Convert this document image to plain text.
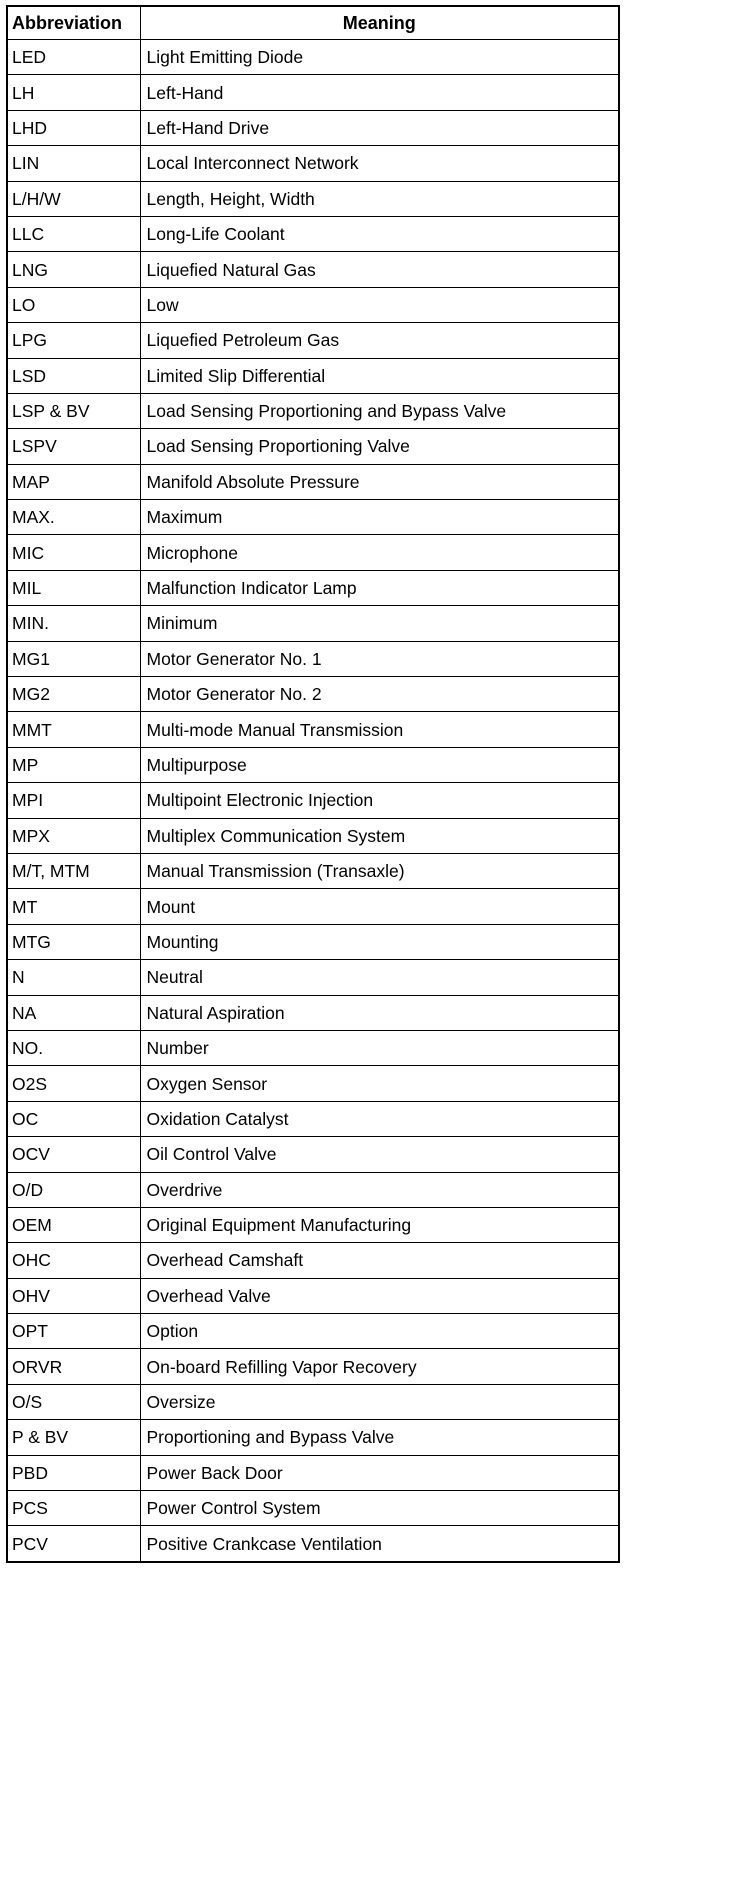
Abbreviation	Meaning
LED	Light Emitting Diode
LH	Left-Hand
LHD	Left-Hand Drive
LIN	Local Interconnect Network
L/H/W	Length, Height, Width
LLC	Long-Life Coolant
LNG	Liquefied Natural Gas
LO	Low
LPG	Liquefied Petroleum Gas
LSD	Limited Slip Differential
LSP & BV	Load Sensing Proportioning and Bypass Valve
LSPV	Load Sensing Proportioning Valve
MAP	Manifold Absolute Pressure
MAX.	Maximum
MIC	Microphone
MIL	Malfunction Indicator Lamp
MIN.	Minimum
MG1	Motor Generator No. 1
MG2	Motor Generator No. 2
MMT	Multi-mode Manual Transmission
MP	Multipurpose
MPI	Multipoint Electronic Injection
MPX	Multiplex Communication System
M/T, MTM	Manual Transmission (Transaxle)
MT	Mount
MTG	Mounting
N	Neutral
NA	Natural Aspiration
NO.	Number
O2S	Oxygen Sensor
OC	Oxidation Catalyst
OCV	Oil Control Valve
O/D	Overdrive
OEM	Original Equipment Manufacturing
OHC	Overhead Camshaft
OHV	Overhead Valve
OPT	Option
ORVR	On-board Refilling Vapor Recovery
O/S	Oversize
P & BV	Proportioning and Bypass Valve
PBD	Power Back Door
PCS	Power Control System
PCV	Positive Crankcase Ventilation
